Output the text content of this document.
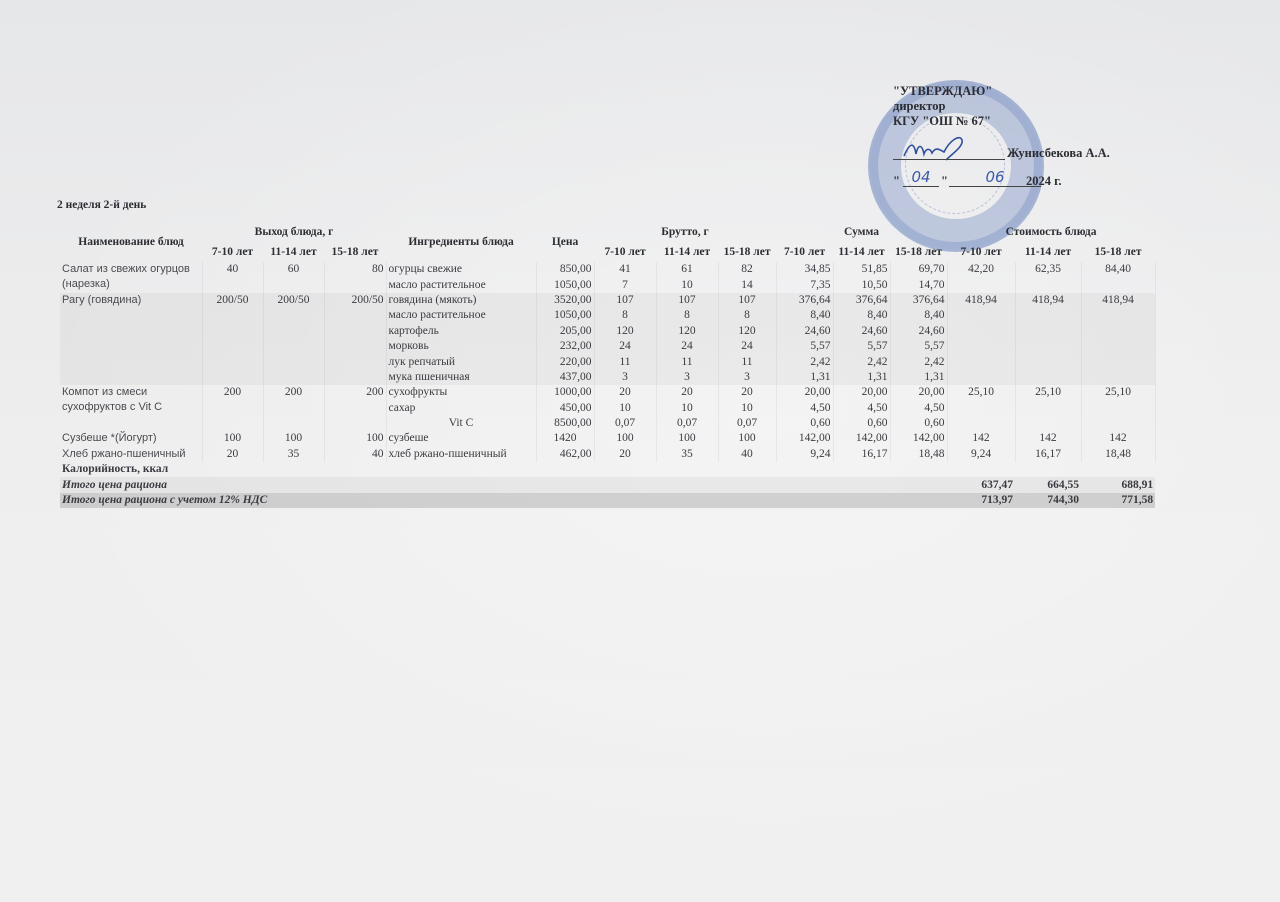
"УТВЕРЖДАЮ"
директор
КГУ "ОШ № 67"
Жунисбекова А.А.
" 04 "	06	2024 г.
2 неделя 2-й день
Наименование блюд	Выход блюда, г			Ингредиенты блюда	Цена	Брутто, г			Сумма			Стоимость блюда		
	7-10 лет	11-14 лет	15-18 лет			7-10 лет	11-14 лет	15-18 лет	7-10 лет	11-14 лет	15-18 лет	7-10 лет	11-14 лет	15-18 лет
Салат из свежих огурцов (нарезка)	40	60	80	огурцы свежие	850,00	41	61	82	34,85	51,85	69,70	42,20	62,35	84,40
				масло растительное	1050,00	7	10	14	7,35	10,50	14,70			
Рагу (говядина)	200/50	200/50	200/50	говядина (мякоть)	3520,00	107	107	107	376,64	376,64	376,64	418,94	418,94	418,94
				масло растительное	1050,00	8	8	8	8,40	8,40	8,40			
				картофель	205,00	120	120	120	24,60	24,60	24,60			
				морковь	232,00	24	24	24	5,57	5,57	5,57			
				лук репчатый	220,00	11	11	11	2,42	2,42	2,42			
				мука пшеничная	437,00	3	3	3	1,31	1,31	1,31			
Компот из смеси сухофруктов с Vit C	200	200	200	сухофрукты	1000,00	20	20	20	20,00	20,00	20,00	25,10	25,10	25,10
				сахар	450,00	10	10	10	4,50	4,50	4,50			
				Vit C	8500,00	0,07	0,07	0,07	0,60	0,60	0,60			
Сузбеше *(Йогурт)	100	100	100	сузбеше	1420	100	100	100	142,00	142,00	142,00	142	142	142
Хлеб ржано-пшеничный	20	35	40	хлеб ржано-пшеничный	462,00	20	35	40	9,24	16,17	18,48	9,24	16,17	18,48
Калорийность, ккал														
Итого цена рациона												637,47	664,55	688,91
Итого цена рациона с учетом 12% НДС												713,97	744,30	771,58
